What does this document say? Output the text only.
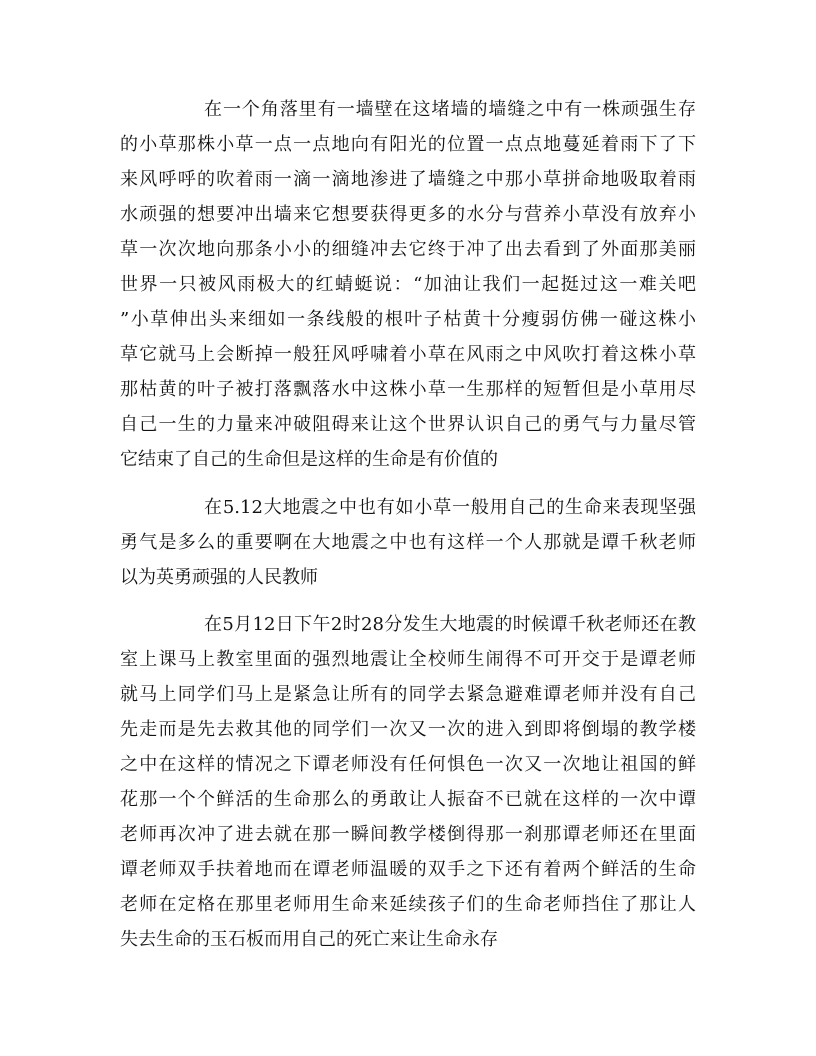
在一个角落里有一墙壁在这堵墙的墙缝之中有一株顽强生存
的小草那株小草一点一点地向有阳光的位置一点点地蔓延着雨下了下
来风呼呼的吹着雨一滴一滴地渗进了墙缝之中那小草拼命地吸取着雨
水顽强的想要冲出墙来它想要获得更多的水分与营养小草没有放弃小
草一次次地向那条小小的细缝冲去它终于冲了出去看到了外面那美丽
世界一只被风雨极大的红蜻蜓说：“加油让我们一起挺过这一难关吧
”小草伸出头来细如一条线般的根叶子枯黄十分瘦弱仿佛一碰这株小
草它就马上会断掉一般狂风呼啸着小草在风雨之中风吹打着这株小草
那枯黄的叶子被打落飘落水中这株小草一生那样的短暂但是小草用尽
自己一生的力量来冲破阻碍来让这个世界认识自己的勇气与力量尽管
它结束了自己的生命但是这样的生命是有价值的
在5.12大地震之中也有如小草一般用自己的生命来表现坚强
勇气是多么的重要啊在大地震之中也有这样一个人那就是谭千秋老师
以为英勇顽强的人民教师
在5月12日下午2时28分发生大地震的时候谭千秋老师还在教
室上课马上教室里面的强烈地震让全校师生闹得不可开交于是谭老师
就马上同学们马上是紧急让所有的同学去紧急避难谭老师并没有自己
先走而是先去救其他的同学们一次又一次的进入到即将倒塌的教学楼
之中在这样的情况之下谭老师没有任何惧色一次又一次地让祖国的鲜
花那一个个鲜活的生命那么的勇敢让人振奋不已就在这样的一次中谭
老师再次冲了进去就在那一瞬间教学楼倒得那一刹那谭老师还在里面
谭老师双手扶着地而在谭老师温暖的双手之下还有着两个鲜活的生命
老师在定格在那里老师用生命来延续孩子们的生命老师挡住了那让人
失去生命的玉石板而用自己的死亡来让生命永存
